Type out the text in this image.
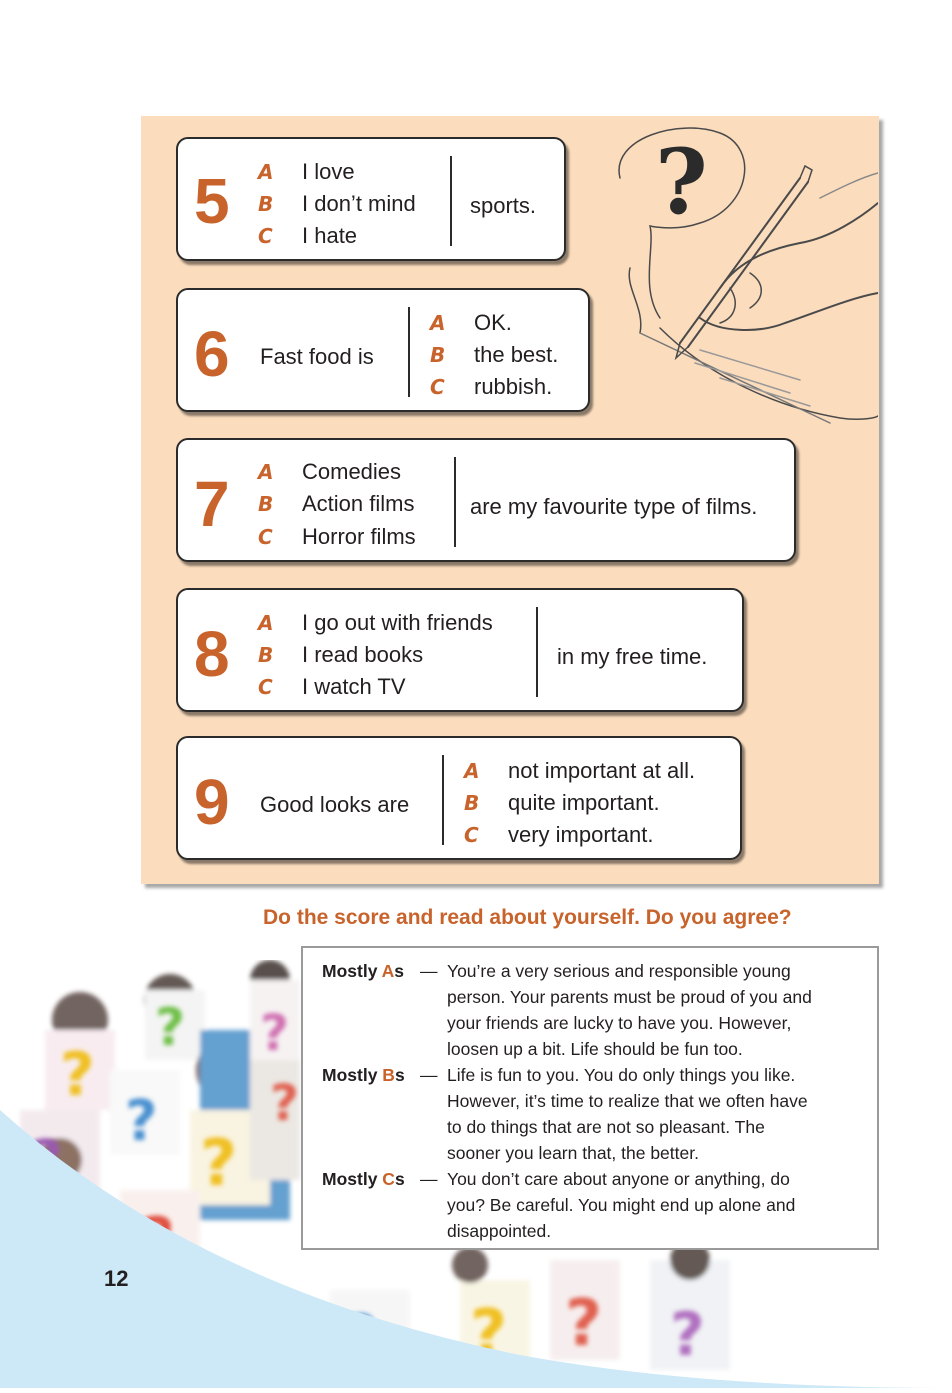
?
?
?
?
?
?
? ? ?
?
5 A I love
B I don’t mind
C I hate
sports.
6 Fast food is
A OK.
B the best.
C rubbish.
7 A Comedies
B Action films
C Horror films
are my favourite type of films.
8 A I go out with friends
B I read books
C I watch TV
in my free time.
9 Good looks are
A not important at all.
B quite important.
C very important.
Do the score and read about yourself. Do you agree?
Mostly As — You’re a very serious and responsible young
person. Your parents must be proud of you and
your friends are lucky to have you. However,
loosen up a bit. Life should be fun too.
Mostly Bs — Life is fun to you. You do only things you like.
However, it’s time to realize that we often have
to do things that are not so pleasant. The
sooner you learn that, the better.
Mostly Cs — You don’t care about anyone or anything, do
you? Be careful. You might end up alone and
disappointed.
12
